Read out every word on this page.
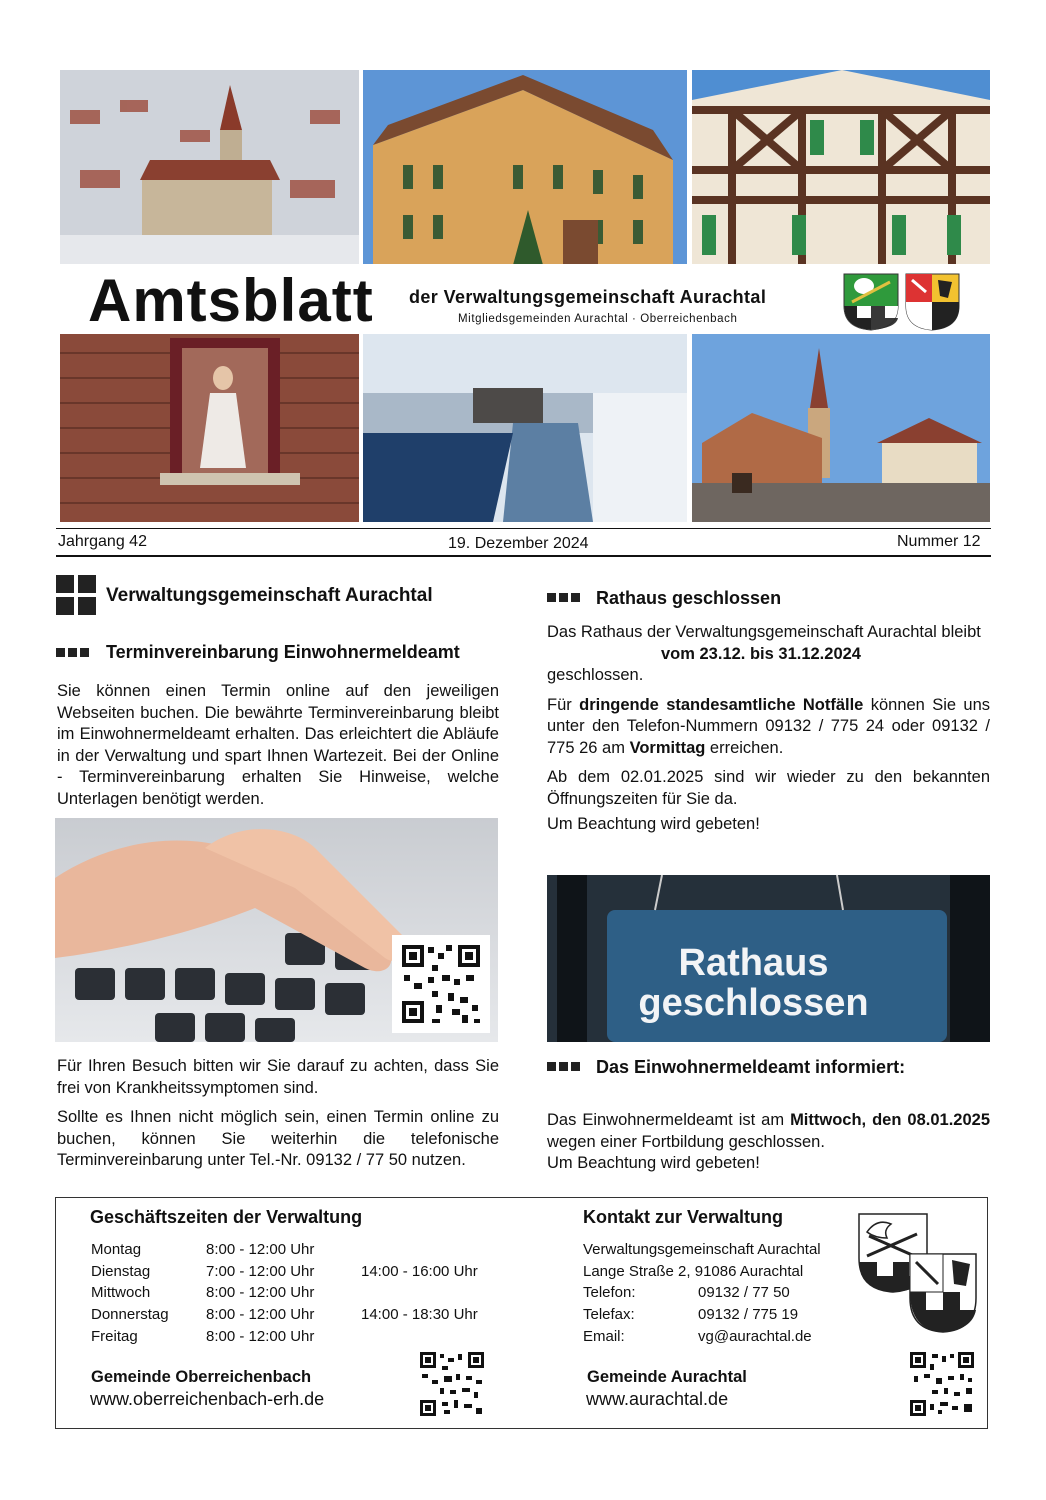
Amtsblatt der Verwaltungsgemeinschaft Aurachtal
Mitgliedsgemeinden Aurachtal · Oberreichenbach
Jahrgang 42	19. Dezember 2024	Nummer 12
Verwaltungsgemeinschaft Aurachtal
Terminvereinbarung Einwohnermeldeamt

Sie können einen Termin online auf den jeweiligen Webseiten buchen. Die bewährte Terminvereinbarung bleibt im Einwohnermeldeamt erhalten. Das erleichtert die Abläufe in der Verwaltung und spart Ihnen Wartezeit. Bei der Online - Terminvereinbarung erhalten Sie Hinweise, welche Unterlagen benötigt werden.

Für Ihren Besuch bitten wir Sie darauf zu achten, dass Sie frei von Krankheitssymptomen sind.

Sollte es Ihnen nicht möglich sein, einen Termin online zu buchen, können Sie weiterhin die telefonische Terminvereinbarung unter Tel.-Nr. 09132 / 77 50 nutzen.

Rathaus geschlossen

Das Rathaus der Verwaltungsgemeinschaft Aurachtal bleibt

vom 23.12. bis 31.12.2024

geschlossen.

Für dringende standesamtliche Notfälle können Sie uns unter den Telefon-Nummern 09132 / 775 24 oder 09132 / 775 26 am Vormittag erreichen.

Ab dem 02.01.2025 sind wir wieder zu den bekannten Öffnungszeiten für Sie da.

Um Beachtung wird gebeten!

Rathaus
geschlossen
Das Einwohnermeldeamt informiert:

Das Einwohnermeldeamt ist am Mittwoch, den 08.01.2025 wegen einer Fortbildung geschlossen.

Um Beachtung wird gebeten!

Geschäftszeiten der Verwaltung
Montag	8:00 - 12:00 Uhr
Dienstag	7:00 - 12:00 Uhr	14:00 - 16:00 Uhr
Mittwoch	8:00 - 12:00 Uhr
Donnerstag 8:00 - 12:00 Uhr	14:00 - 18:30 Uhr
Freitag	8:00 - 12:00 Uhr
Gemeinde Oberreichenbach
www.oberreichenbach-erh.de
Kontakt zur Verwaltung
Verwaltungsgemeinschaft Aurachtal
Lange Straße 2, 91086 Aurachtal
Telefon:	09132 / 77 50
Telefax:	09132 / 775 19
Email:	vg@aurachtal.de
Gemeinde Aurachtal
www.aurachtal.de
